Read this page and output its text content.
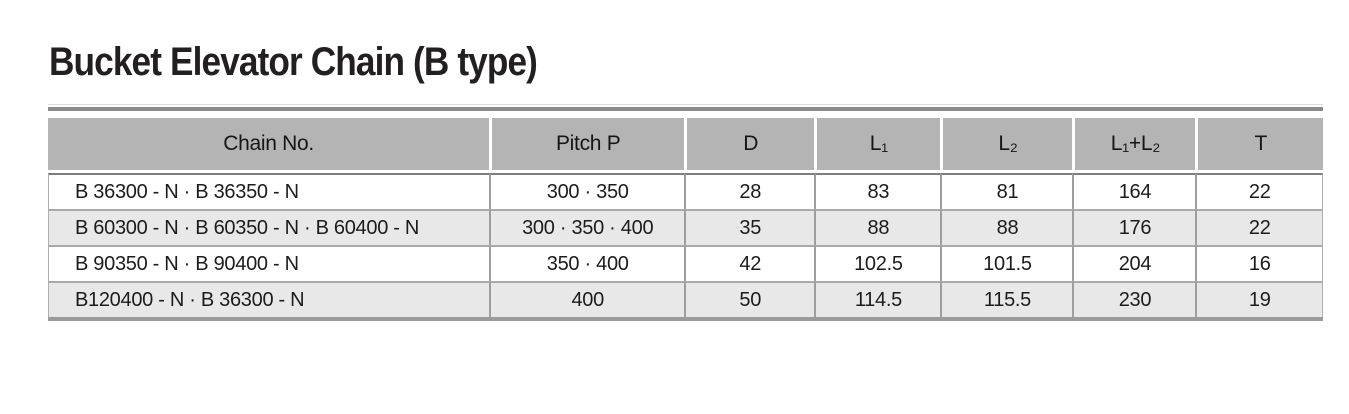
Bucket Elevator Chain (B type)
Chain No.	Pitch P	D	L₁	L₂	L₁+L₂	T
B 36300 - N · B 36350 - N	300 · 350	28	83	81	164	22
B 60300 - N · B 60350 - N · B 60400 - N	300 · 350 · 400	35	88	88	176	22
B 90350 - N · B 90400 - N	350 · 400	42	102.5	101.5	204	16
B120400 - N · B 36300 - N	400	50	114.5	115.5	230	19
